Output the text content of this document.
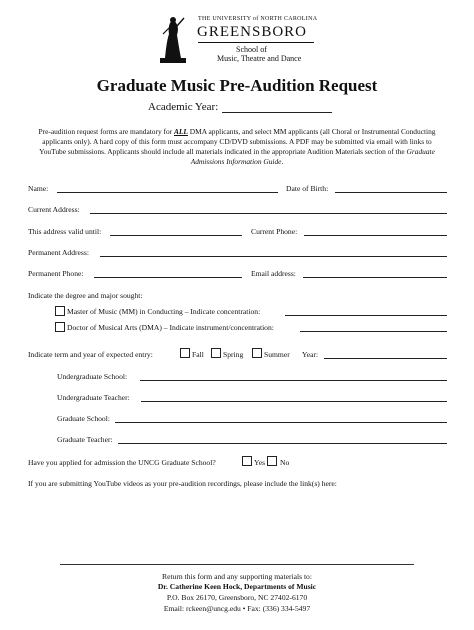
THE UNIVERSITY of NORTH CAROLINA
GREENSBORO
School of
Music, Theatre and Dance
Graduate Music Pre-Audition Request
Academic Year:
Pre-audition request forms are mandatory for ALL DMA applicants, and select MM applicants (all Choral or Instrumental Conducting applicants only). A hard copy of this form must accompany CD/DVD submissions. A PDF may be submitted via email with links to YouTube submissions. Applicants should include all materials indicated in the appropriate Audition Materials section of the Graduate Admissions Information Guide.
Name:	Date of Birth:
Current Address:
This address valid until:	Current Phone:
Permanent Address:
Permanent Phone:	Email address:
Indicate the degree and major sought:
Master of Music (MM) in Conducting – Indicate concentration:
Doctor of Musical Arts (DMA) – Indicate instrument/concentration:
Indicate term and year of expected entry:	Fall	Spring	Summer Year:
Undergraduate School:
Undergraduate Teacher:
Graduate School:
Graduate Teacher:
Have you applied for admission the UNCG Graduate School?	Yes No
If you are submitting YouTube videos as your pre-audition recordings, please include the link(s) here:
Return this form and any supporting materials to:
Dr. Catherine Keen Hock, Departments of Music
P.O. Box 26170, Greensboro, NC 27402-6170
Email: rckeen@uncg.edu • Fax: (336) 334-5497
